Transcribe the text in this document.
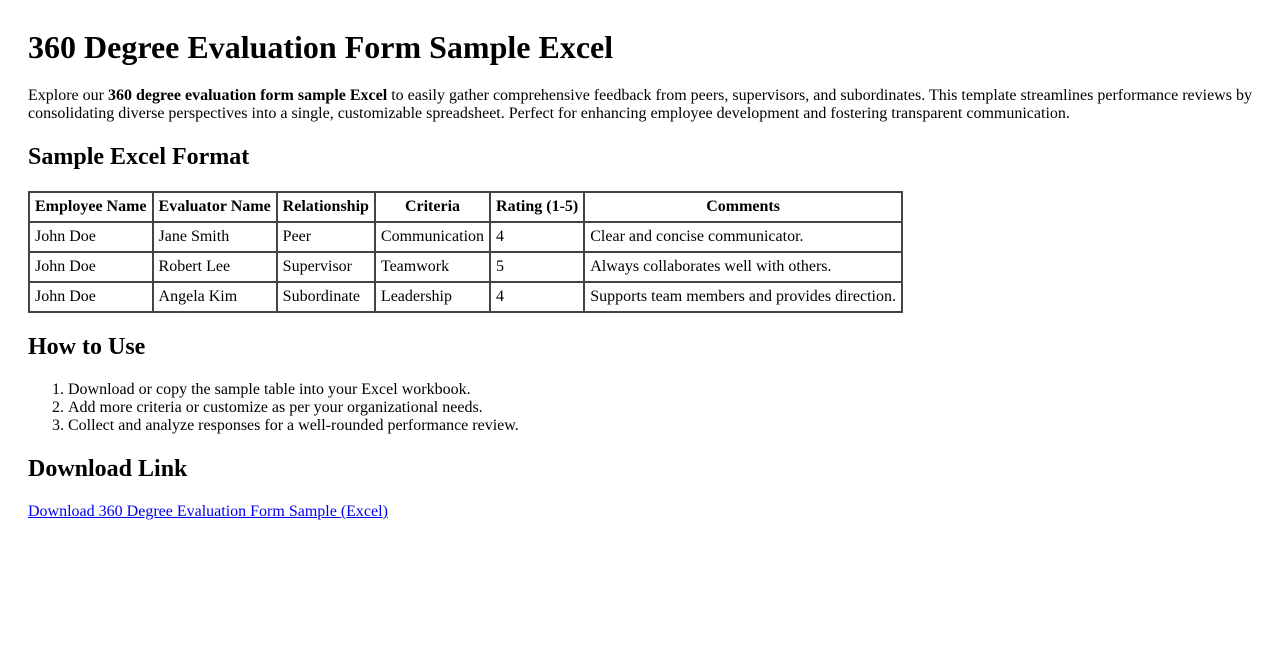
360 Degree Evaluation Form Sample Excel

Explore our 360 degree evaluation form sample Excel to easily gather comprehensive feedback from peers, supervisors, and subordinates. This template streamlines performance reviews by consolidating diverse perspectives into a single, customizable spreadsheet. Perfect for enhancing employee development and fostering transparent communication.

Sample Excel Format
Employee Name	Evaluator Name	Relationship	Criteria	Rating (1-5)	Comments
John Doe	Jane Smith	Peer	Communication	4	Clear and concise communicator.
John Doe	Robert Lee	Supervisor	Teamwork	5	Always collaborates well with others.
John Doe	Angela Kim	Subordinate	Leadership	4	Supports team members and provides direction.
How to Use
1. Download or copy the sample table into your Excel workbook.
2. Add more criteria or customize as per your organizational needs.
3. Collect and analyze responses for a well-rounded performance review.
Download Link

Download 360 Degree Evaluation Form Sample (Excel)
